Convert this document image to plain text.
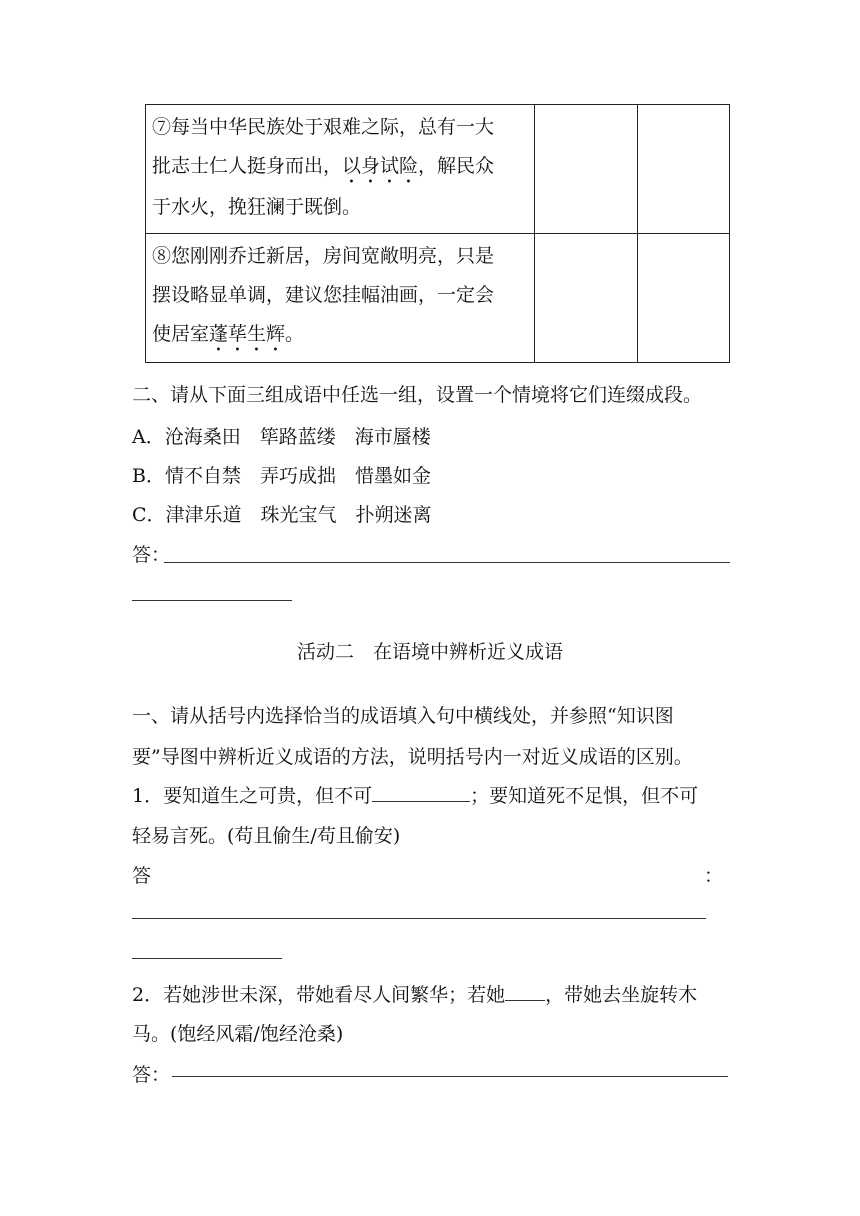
⑦每当中华民族处于艰难之际，总有一大
批志士仁人挺身而出，以身试险，解民众
于水火，挽狂澜于既倒。		

⑧您刚刚乔迁新居，房间宽敞明亮，只是
摆设略显单调，建议您挂幅油画，一定会
使居室蓬荜生辉。		

二、请从下面三组成语中任选一组，设置一个情境将它们连缀成段。
A．沧海桑田　筚路蓝缕　海市蜃楼
B．情不自禁　弄巧成拙　惜墨如金
C．津津乐道　珠光宝气　扑朔迷离
答：
活动二　在语境中辨析近义成语
一、请从括号内选择恰当的成语填入句中横线处，并参照“知识图
要”导图中辨析近义成语的方法，说明括号内一对近义成语的区别。
1．要知道生之可贵，但不可	；要知道死不足惧，但不可
轻易言死。(苟且偷生/苟且偷安)
答	：
2．若她涉世未深，带她看尽人间繁华；若她 ，带她去坐旋转木
马。(饱经风霜/饱经沧桑)
答：
